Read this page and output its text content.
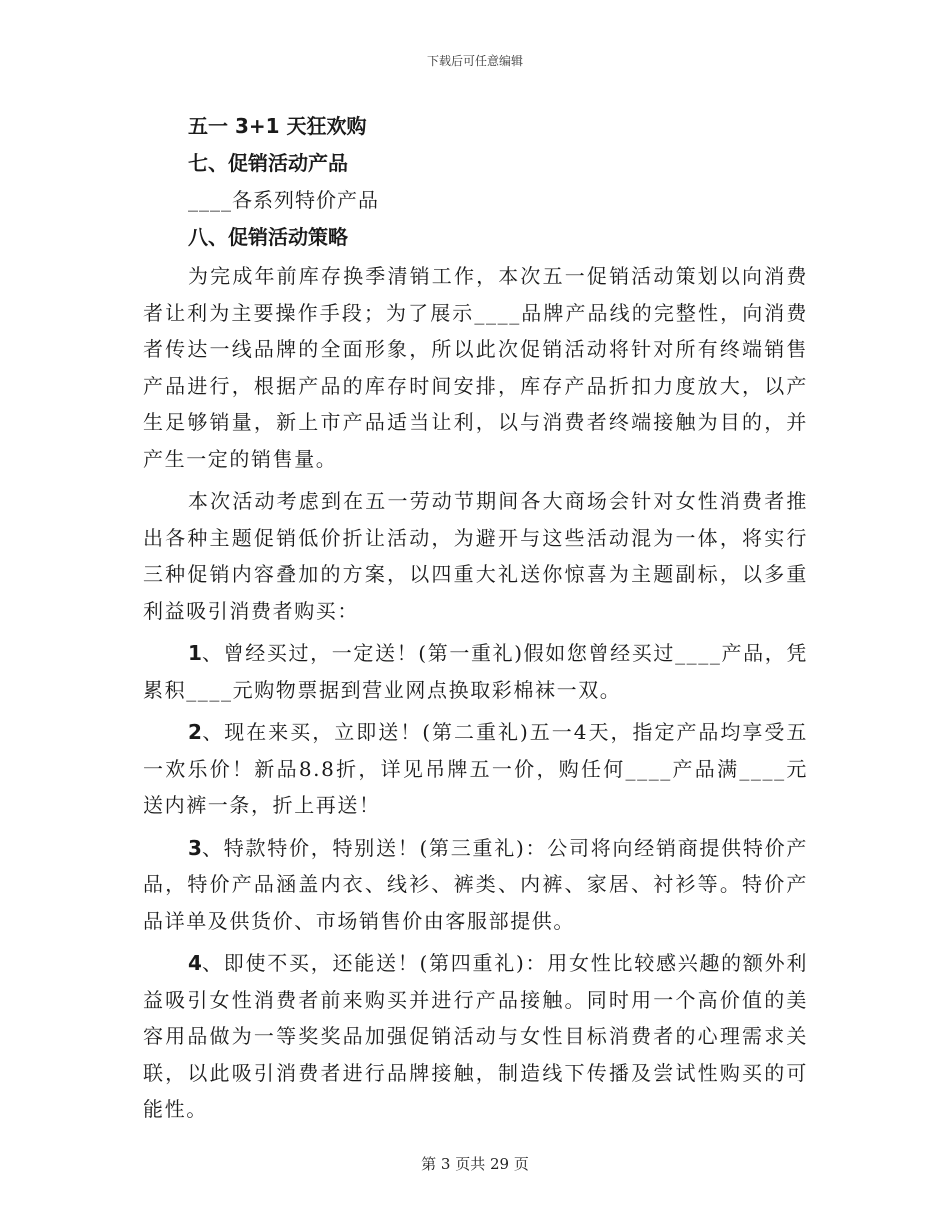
下载后可任意编辑
五一 3+1 天狂欢购
七、促销活动产品
____各系列特价产品
八、促销活动策略

为完成年前库存换季清销工作，本次五一促销活动策划以向消费者让利为主要操作手段；为了展示____品牌产品线的完整性，向消费者传达一线品牌的全面形象，所以此次促销活动将针对所有终端销售产品进行，根据产品的库存时间安排，库存产品折扣力度放大，以产生足够销量，新上市产品适当让利，以与消费者终端接触为目的，并产生一定的销售量。

本次活动考虑到在五一劳动节期间各大商场会针对女性消费者推出各种主题促销低价折让活动，为避开与这些活动混为一体，将实行三种促销内容叠加的方案，以四重大礼送你惊喜为主题副标，以多重利益吸引消费者购买：

1、曾经买过，一定送！(第一重礼)假如您曾经买过____产品，凭累积____元购物票据到营业网点换取彩棉袜一双。

2、现在来买，立即送！(第二重礼)五一4天，指定产品均享受五一欢乐价！新品8.8折，详见吊牌五一价，购任何____产品满____元送内裤一条，折上再送！

3、特款特价，特别送！(第三重礼)：公司将向经销商提供特价产品，特价产品涵盖内衣、线衫、裤类、内裤、家居、衬衫等。特价产品详单及供货价、市场销售价由客服部提供。

4、即使不买，还能送！(第四重礼)：用女性比较感兴趣的额外利益吸引女性消费者前来购买并进行产品接触。同时用一个高价值的美容用品做为一等奖奖品加强促销活动与女性目标消费者的心理需求关联，以此吸引消费者进行品牌接触，制造线下传播及尝试性购买的可能性。

第 3 页共 29 页
